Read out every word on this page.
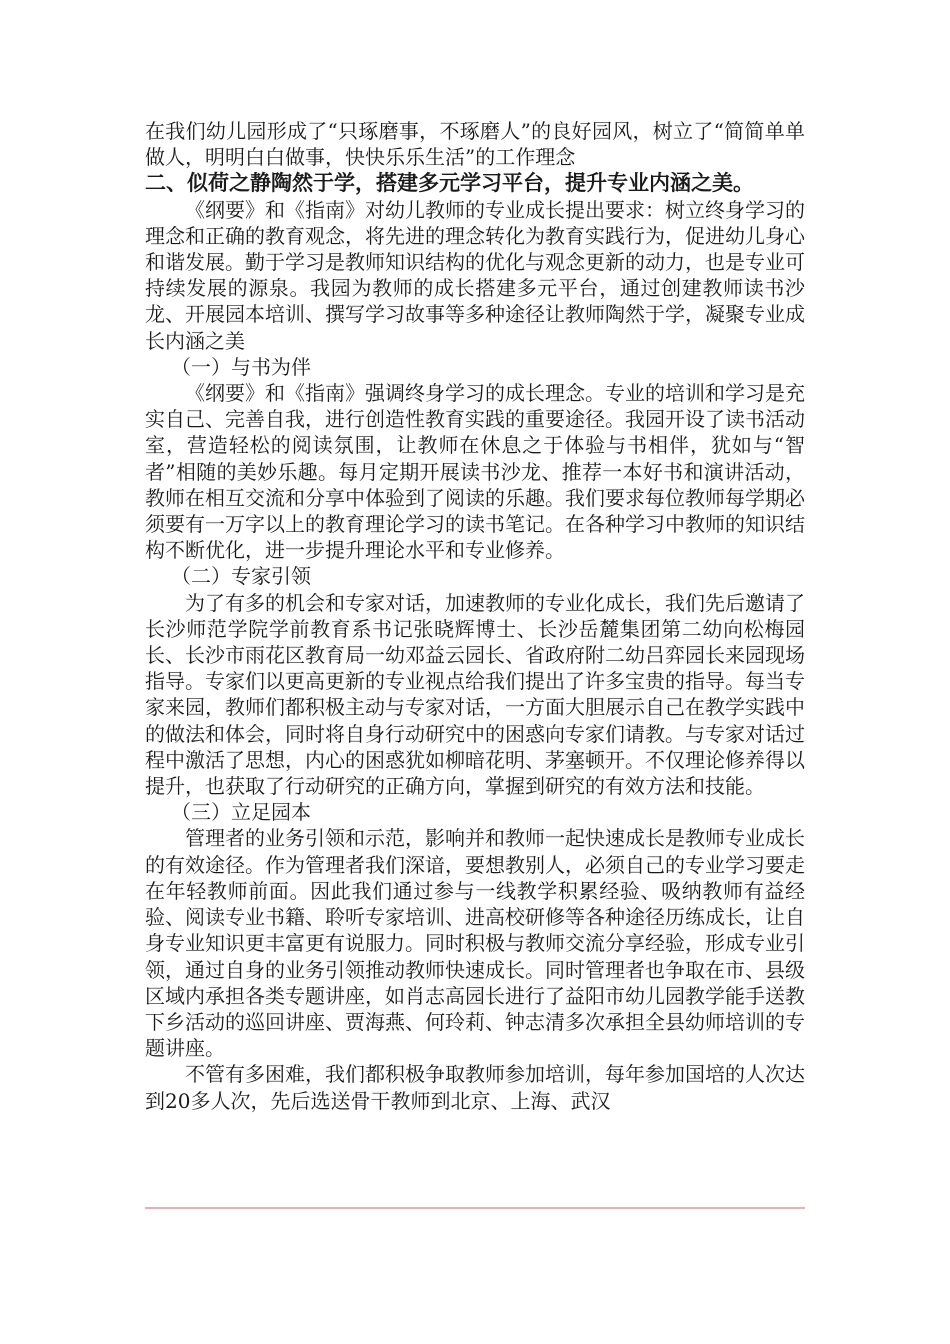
在我们幼儿园形成了“只琢磨事，不琢磨人”的良好园风，树立了“简简单单做人，明明白白做事，快快乐乐生活”的工作理念

二、似荷之静陶然于学，搭建多元学习平台，提升专业内涵之美。

《纲要》和《指南》对幼儿教师的专业成长提出要求：树立终身学习的理念和正确的教育观念，将先进的理念转化为教育实践行为，促进幼儿身心和谐发展。勤于学习是教师知识结构的优化与观念更新的动力，也是专业可持续发展的源泉。我园为教师的成长搭建多元平台，通过创建教师读书沙龙、开展园本培训、撰写学习故事等多种途径让教师陶然于学，凝聚专业成长内涵之美

（一）与书为伴

《纲要》和《指南》强调终身学习的成长理念。专业的培训和学习是充实自己、完善自我，进行创造性教育实践的重要途径。我园开设了读书活动室，营造轻松的阅读氛围，让教师在休息之于体验与书相伴，犹如与“智者”相随的美妙乐趣。每月定期开展读书沙龙、推荐一本好书和演讲活动，教师在相互交流和分享中体验到了阅读的乐趣。我们要求每位教师每学期必须要有一万字以上的教育理论学习的读书笔记。在各种学习中教师的知识结构不断优化，进一步提升理论水平和专业修养。

（二）专家引领

为了有多的机会和专家对话，加速教师的专业化成长，我们先后邀请了长沙师范学院学前教育系书记张晓辉博士、长沙岳麓集团第二幼向松梅园长、长沙市雨花区教育局一幼邓益云园长、省政府附二幼吕弈园长来园现场指导。专家们以更高更新的专业视点给我们提出了许多宝贵的指导。每当专家来园，教师们都积极主动与专家对话，一方面大胆展示自己在教学实践中的做法和体会，同时将自身行动研究中的困惑向专家们请教。与专家对话过程中激活了思想，内心的困惑犹如柳暗花明、茅塞顿开。不仅理论修养得以提升，也获取了行动研究的正确方向，掌握到研究的有效方法和技能。

（三）立足园本

管理者的业务引领和示范，影响并和教师一起快速成长是教师专业成长的有效途径。作为管理者我们深谙，要想教别人，必须自己的专业学习要走在年轻教师前面。因此我们通过参与一线教学积累经验、吸纳教师有益经验、阅读专业书籍、聆听专家培训、进高校研修等各种途径历练成长，让自身专业知识更丰富更有说服力。同时积极与教师交流分享经验，形成专业引领，通过自身的业务引领推动教师快速成长。同时管理者也争取在市、县级区域内承担各类专题讲座，如肖志高园长进行了益阳市幼儿园教学能手送教下乡活动的巡回讲座、贾海燕、何玲莉、钟志清多次承担全县幼师培训的专题讲座。

不管有多困难，我们都积极争取教师参加培训，每年参加国培的人次达到20多人次，先后选送骨干教师到北京、上海、武汉
